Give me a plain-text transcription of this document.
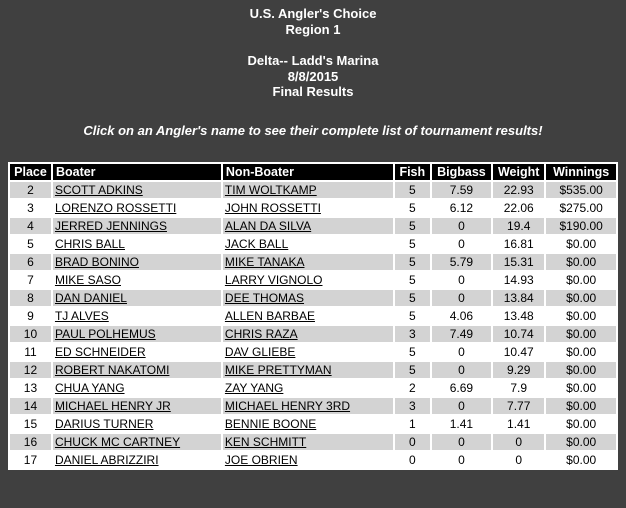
U.S. Angler's Choice
Region 1
Delta-- Ladd's Marina
8/8/2015
Final Results
Click on an Angler's name to see their complete list of tournament results!
Place	Boater	Non-Boater	Fish	Bigbass	Weight	Winnings
2	SCOTT ADKINS	TIM WOLTKAMP	5	7.59	22.93	$535.00
3	LORENZO ROSSETTI	JOHN ROSSETTI	5	6.12	22.06	$275.00
4	JERRED JENNINGS	ALAN DA SILVA	5	0	19.4	$190.00
5	CHRIS BALL	JACK BALL	5	0	16.81	$0.00
6	BRAD BONINO	MIKE TANAKA	5	5.79	15.31	$0.00
7	MIKE SASO	LARRY VIGNOLO	5	0	14.93	$0.00
8	DAN DANIEL	DEE THOMAS	5	0	13.84	$0.00
9	TJ ALVES	ALLEN BARBAE	5	4.06	13.48	$0.00
10	PAUL POLHEMUS	CHRIS RAZA	3	7.49	10.74	$0.00
11	ED SCHNEIDER	DAV GLIEBE	5	0	10.47	$0.00
12	ROBERT NAKATOMI	MIKE PRETTYMAN	5	0	9.29	$0.00
13	CHUA YANG	ZAY YANG	2	6.69	7.9	$0.00
14	MICHAEL HENRY JR	MICHAEL HENRY 3RD	3	0	7.77	$0.00
15	DARIUS TURNER	BENNIE BOONE	1	1.41	1.41	$0.00
16	CHUCK MC CARTNEY	KEN SCHMITT	0	0	0	$0.00
17	DANIEL ABRIZZIRI	JOE OBRIEN	0	0	0	$0.00
